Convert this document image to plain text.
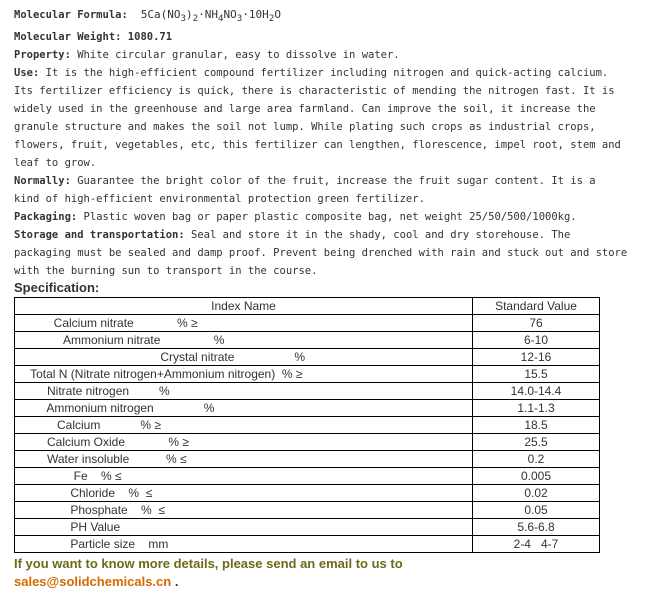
Molecular Formula: $5Ca(NO_3)_2\cdot NH_4NO_3\cdot 10H_2O$
Molecular Weight: 1080.71
Property: White circular granular, easy to dissolve in water.
Use: It is the high-efficient compound fertilizer including nitrogen and quick-acting calcium.
Its fertilizer efficiency is quick, there is characteristic of mending the nitrogen fast. It is
widely used in the greenhouse and large area farmland. Can improve the soil, it increase the
granule structure and makes the soil not lump. While plating such crops as industrial crops,
flowers, fruit, vegetables, etc, this fertilizer can lengthen, florescence, impel root, stem and
leaf to grow.
Normally: Guarantee the bright color of the fruit, increase the fruit sugar content. It is a
kind of high-efficient environmental protection green fertilizer.
Packaging: Plastic woven bag or paper plastic composite bag, net weight 25/50/500/1000kg.
Storage and transportation: Seal and store it in the shady, cool and dry storehouse. The
packaging must be sealed and damp proof. Prevent being drenched with rain and stuck out and store
with the burning sun to transport in the course.
Specification:
Index Name	Standard Value
Calcium nitrate             % ≥	76
Ammonium nitrate                %	6-10
Crystal nitrate                  %	12-16
Total N (Nitrate nitrogen+Ammonium nitrogen)  % ≥	15.5
Nitrate nitrogen         %	14.0-14.4
Ammonium nitrogen               %	1.1-1.3
Calcium            % ≥	18.5
Calcium Oxide             % ≥	25.5
Water insoluble           % ≤	0.2
Fe    % ≤	0.005
Chloride    %  ≤	0.02
Phosphate    %  ≤	0.05
PH Value	5.6-6.8
Particle size    mm	2-4   4-7
If you want to know more details, please send an email to us to
sales@solidchemicals.cn .
